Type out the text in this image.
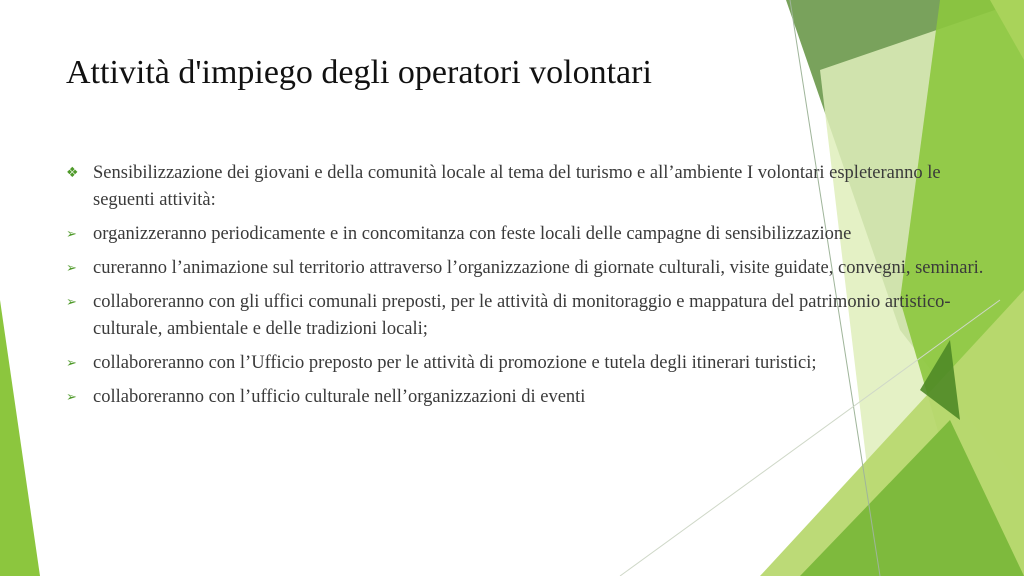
Attività d'impiego degli operatori volontari
❖ Sensibilizzazione dei giovani e della comunità locale al tema del turismo e all’ambiente I volontari espleteranno le seguenti attività:
➢ organizzeranno periodicamente e in concomitanza con feste locali delle campagne di sensibilizzazione
➢ cureranno l’animazione sul territorio attraverso l’organizzazione di giornate culturali, visite guidate, convegni, seminari.
➢ collaboreranno con gli uffici comunali preposti, per le attività di monitoraggio e mappatura del patrimonio artistico-culturale, ambientale e delle tradizioni locali;
➢ collaboreranno con l’Ufficio preposto per le attività di promozione e tutela degli itinerari turistici;
➢ collaboreranno con l’ufficio culturale nell’organizzazioni di eventi
